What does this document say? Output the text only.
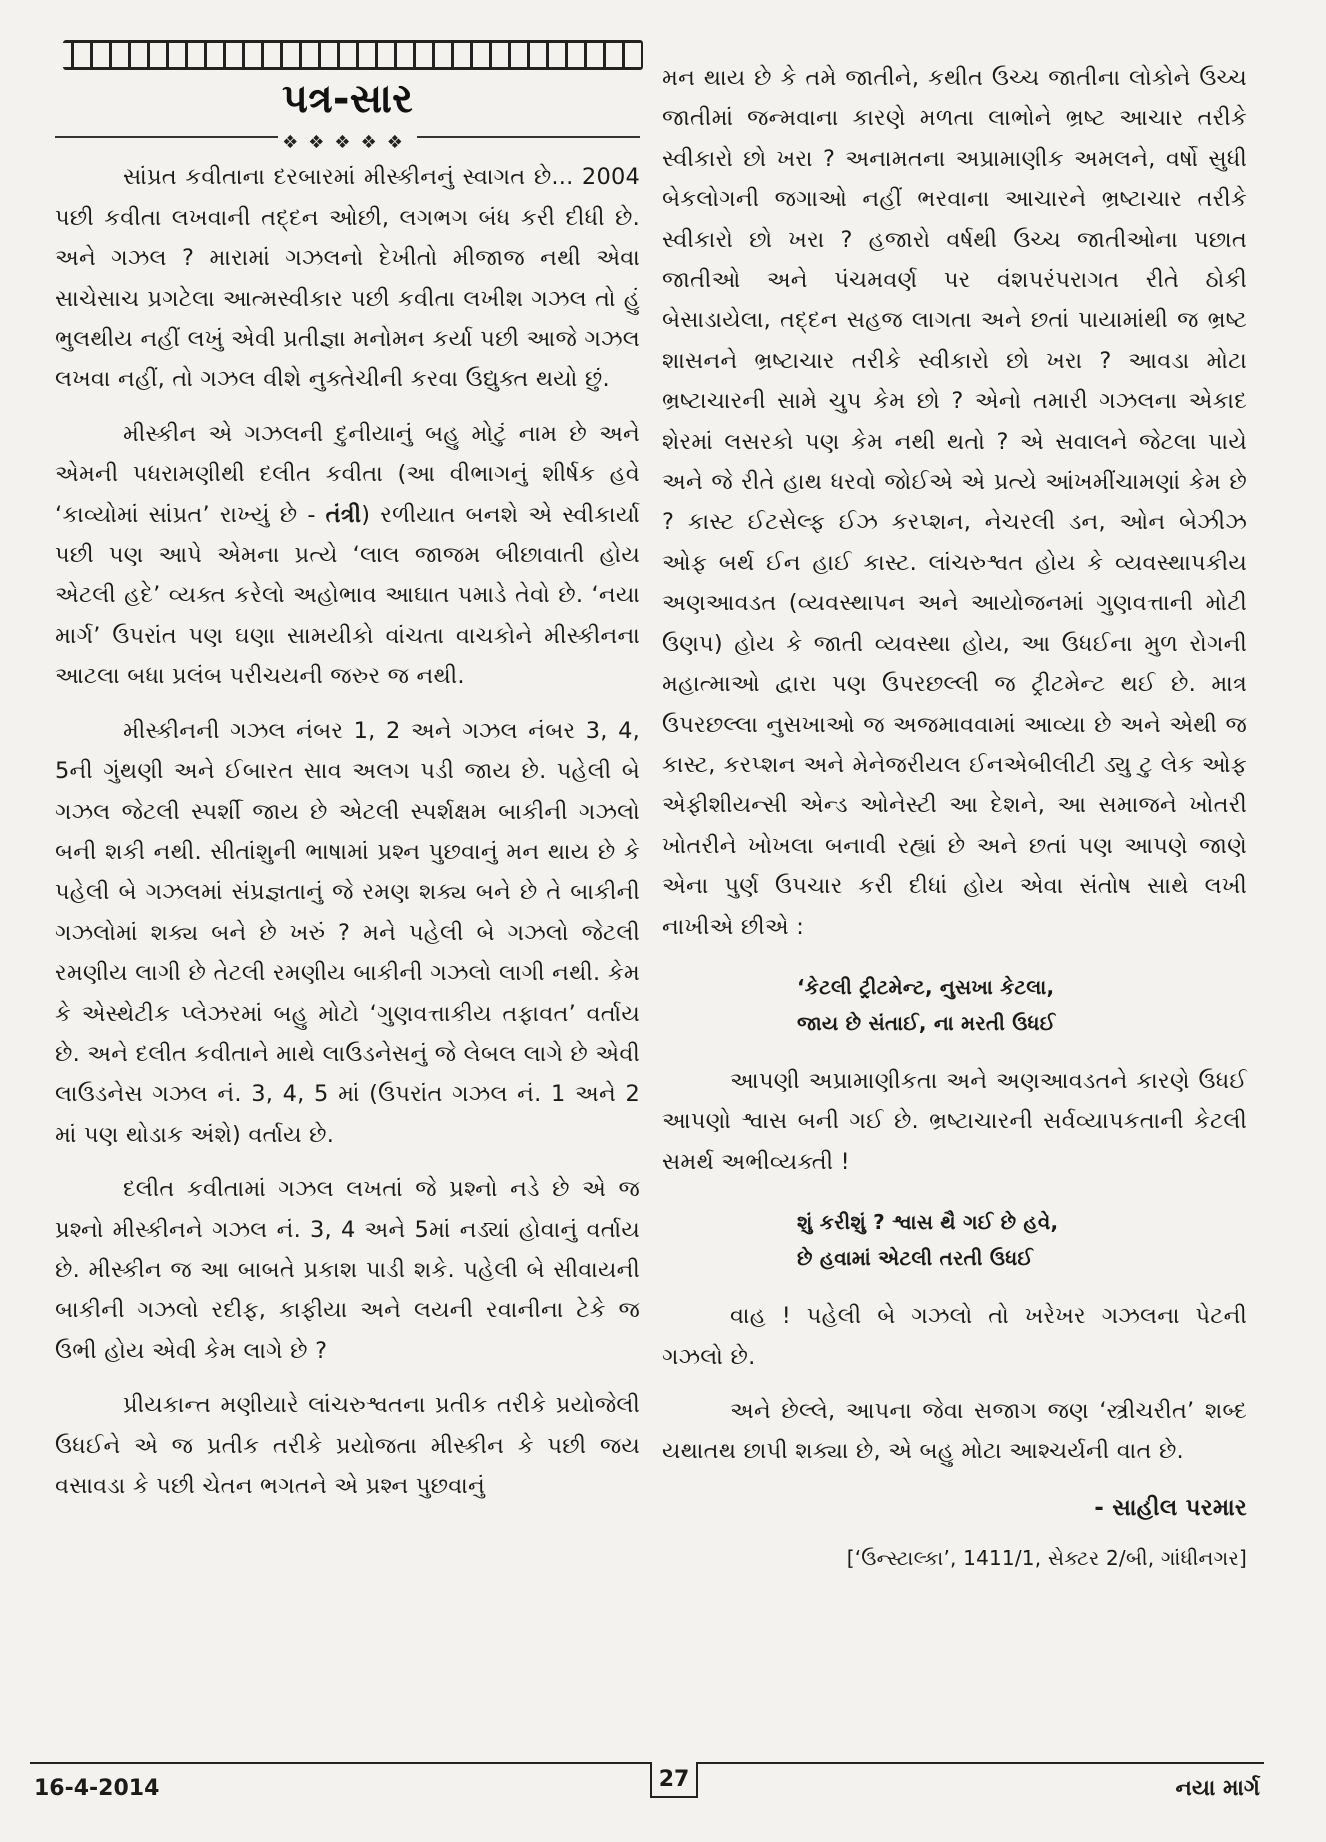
પત્ર-સાર
❖❖❖❖❖

સાંપ્રત કવીતાના દરબારમાં મીસ્કીનનું સ્વાગત છે... 2004 પછી કવીતા લખવાની તદ્દન ઓછી, લગભગ બંધ કરી દીધી છે. અને ગઝલ ? મારામાં ગઝલનો દેખીતો મીજાજ નથી એવા સાચેસાચ પ્રગટેલા આત્મસ્વીકાર પછી કવીતા લખીશ ગઝલ તો હું ભુલથીય નહીં લખું એવી પ્રતીજ્ઞા મનોમન કર્યા પછી આજે ગઝલ લખવા નહીં, તો ગઝલ વીશે નુક્તેચીની કરવા ઉદ્યુક્ત થયો છું.

મીસ્કીન એ ગઝલની દુનીયાનું બહુ મોટું નામ છે અને એમની પધરામણીથી દલીત કવીતા (આ વીભાગનું શીર્ષક હવે ‘કાવ્યોમાં સાંપ્રત’ રાખ્યું છે - તંત્રી) રળીયાત બનશે એ સ્વીકાર્યા પછી પણ આપે એમના પ્રત્યે ‘લાલ જાજમ બીછાવાતી હોય એટલી હદે’ વ્યક્ત કરેલો અહોભાવ આઘાત પમાડે તેવો છે. ‘નયા માર્ગ’ ઉપરાંત પણ ઘણા સામયીકો વાંચતા વાચકોને મીસ્કીનના આટલા બધા પ્રલંબ પરીચયની જરુર જ નથી.

મીસ્કીનની ગઝલ નંબર 1, 2 અને ગઝલ નંબર 3, 4, 5ની ગુંથણી અને ઈબારત સાવ અલગ પડી જાય છે. પહેલી બે ગઝલ જેટલી સ્પર્શી જાય છે એટલી સ્પર્શક્ષમ બાકીની ગઝલો બની શકી નથી. સીતાંશુની ભાષામાં પ્રશ્ન પુછવાનું મન થાય છે કે પહેલી બે ગઝલમાં સંપ્રજ્ઞતાનું જે રમણ શક્ય બને છે તે બાકીની ગઝલોમાં શક્ય બને છે ખરું ? મને પહેલી બે ગઝલો જેટલી રમણીય લાગી છે તેટલી રમણીય બાકીની ગઝલો લાગી નથી. કેમ કે એસ્થેટીક પ્લેઝરમાં બહુ મોટો ‘ગુણવત્તાકીય તફાવત’ વર્તાય છે. અને દલીત કવીતાને માથે લાઉડનેસનું જે લેબલ લાગે છે એવી લાઉડનેસ ગઝલ નં. 3, 4, 5 માં (ઉપરાંત ગઝલ નં. 1 અને 2 માં પણ થોડાક અંશે) વર્તાય છે.

દલીત કવીતામાં ગઝલ લખતાં જે પ્રશ્નો નડે છે એ જ પ્રશ્નો મીસ્કીનને ગઝલ નં. 3, 4 અને 5માં નડ્યાં હોવાનું વર્તાય છે. મીસ્કીન જ આ બાબતે પ્રકાશ પાડી શકે. પહેલી બે સીવાયની બાકીની ગઝલો રદીફ, કાફીયા અને લયની રવાનીના ટેકે જ ઉભી હોય એવી કેમ લાગે છે ?

પ્રીયકાન્ત મણીયારે લાંચરુશ્વતના પ્રતીક તરીકે પ્રયોજેલી ઉધઈને એ જ પ્રતીક તરીકે પ્રયોજતા મીસ્કીન કે પછી જય વસાવડા કે પછી ચેતન ભગતને એ પ્રશ્ન પુછવાનું

મન થાય છે કે તમે જાતીને, કથીત ઉચ્ચ જાતીના લોકોને ઉચ્ચ જાતીમાં જન્મવાના કારણે મળતા લાભોને ભ્રષ્ટ આચાર તરીકે સ્વીકારો છો ખરા ? અનામતના અપ્રામાણીક અમલને, વર્ષો સુધી બેકલોગની જગાઓ નહીં ભરવાના આચારને ભ્રષ્ટાચાર તરીકે સ્વીકારો છો ખરા ? હજારો વર્ષથી ઉચ્ચ જાતીઓના પછાત જાતીઓ અને પંચમવર્ણ પર વંશપરંપરાગત રીતે ઠોકી બેસાડાયેલા, તદ્દન સહજ લાગતા અને છતાં પાયામાંથી જ ભ્રષ્ટ શાસનને ભ્રષ્ટાચાર તરીકે સ્વીકારો છો ખરા ? આવડા મોટા ભ્રષ્ટાચારની સામે ચુપ કેમ છો ? એનો તમારી ગઝલના એકાદ શેરમાં લસરકો પણ કેમ નથી થતો ? એ સવાલને જેટલા પાયે અને જે રીતે હાથ ધરવો જોઈએ એ પ્રત્યે આંખમીંચામણાં કેમ છે ? કાસ્ટ ઈટસેલ્ફ ઈઝ કરપ્શન, નેચરલી ડન, ઓન બેઝીઝ ઓફ બર્થ ઈન હાઈ કાસ્ટ. લાંચરુશ્વત હોય કે વ્યવસ્થાપકીય અણઆવડત (વ્યવસ્થાપન અને આયોજનમાં ગુણવત્તાની મોટી ઉણપ) હોય કે જાતી વ્યવસ્થા હોય, આ ઉધઈના મુળ રોગની મહાત્માઓ દ્વારા પણ ઉપરછલ્લી જ ટ્રીટમેન્ટ થઈ છે. માત્ર ઉપરછલ્લા નુસખાઓ જ અજમાવવામાં આવ્યા છે અને એથી જ કાસ્ટ, કરપ્શન અને મેનેજરીયલ ઈનએબીલીટી ડ્યુ ટુ લેક ઓફ એફીશીયન્સી એન્ડ ઓનેસ્ટી આ દેશને, આ સમાજને ખોતરી ખોતરીને ખોખલા બનાવી રહ્યાં છે અને છતાં પણ આપણે જાણે એના પુર્ણ ઉપચાર કરી દીધાં હોય એવા સંતોષ સાથે લખી નાખીએ છીએ :

‘કેટલી ટ્રીટમેન્ટ, નુસખા કેટલા,
જાય છે સંતાઈ, ના મરતી ઉધઈ

આપણી અપ્રામાણીકતા અને અણઆવડતને કારણે ઉધઈ આપણો શ્વાસ બની ગઈ છે. ભ્રષ્ટાચારની સર્વવ્યાપકતાની કેટલી સમર્થ અભીવ્યક્તી !

શું કરીશું ? શ્વાસ થૈ ગઈ છે હવે,
છે હવામાં એટલી તરતી ઉધઈ

વાહ ! પહેલી બે ગઝલો તો ખરેખર ગઝલના પેટની ગઝલો છે.

અને છેલ્લે, આપના જેવા સજાગ જણ ‘સ્ત્રીચરીત’ શબ્દ યથાતથ છાપી શક્યા છે, એ બહુ મોટા આશ્ચર્યની વાત છે.

- સાહીલ પરમાર
[‘ઉન્સ્ટાલ્કા’, 1411/1, સેક્ટર 2/બી, ગાંધીનગર]
16-4-2014	27	નયા માર્ગ
